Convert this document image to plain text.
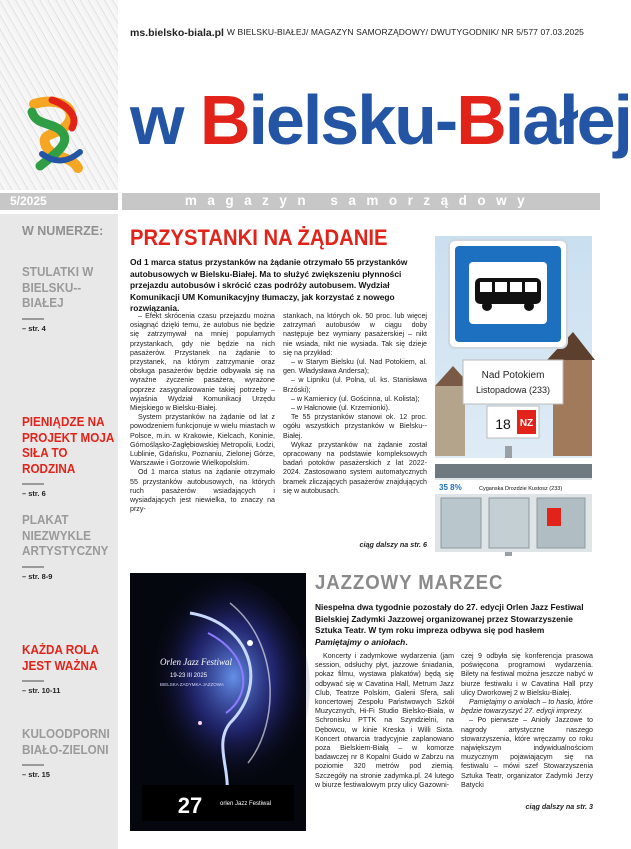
ms.bielsko-biala.pl W BIELSKU-BIAŁEJ/ MAGAZYN SAMORZĄDOWY/ DWUTYGODNIK/ NR 5/577 07.03.2025
w Bielsku-Białej
5/2025	magazyn samorządowy
W NUMERZE:
STULATKI W BIELSKU--BIAŁEJ
– str. 4
PIENIĄDZE NA PROJEKT MOJA SIŁA TO RODZINA
– str. 6
PLAKAT NIEZWYKLE ARTYSTYCZNY
– str. 8-9
KAŻDA ROLA JEST WAŻNA
– str. 10-11
KULOODPORNI BIAŁO-ZIELONI
– str. 15
PRZYSTANKI NA ŻĄDANIE
Od 1 marca status przystanków na żądanie otrzymało 55 przystanków autobusowych w Bielsku-Białej. Ma to służyć zwiększeniu płynności przejazdu autobusów i skrócić czas podróży autobusem. Wydział Komunikacji UM Komunikacyjny tłumaczy, jak korzystać z nowego rozwiązania.

– Efekt skrócenia czasu przejazdu można osiągnąć dzięki temu, że autobus nie będzie się zatrzymywał na mniej popularnych przystankach, gdy nie będzie na nich pasażerów. Przystanek na żądanie to przystanek, na którym zatrzymanie oraz obsługa pasażerów będzie odbywała się na wyraźne życzenie pasażera, wyrażone poprzez zasygnalizowanie takiej potrzeby – wyjaśnia Wydział Komunikacji Urzędu Miejskiego w Bielsku-Białej.

System przystanków na żądanie od lat z powodzeniem funkcjonuje w wielu miastach w Polsce, m.in. w Krakowie, Kielcach, Koninie, Górnośląsko-Zagłębiowskiej Metropolii, Łodzi, Lublinie, Gdańsku, Poznaniu, Zielonej Górze, Warszawie i Gorzowie Wielkopolskim.

Od 1 marca status na żądanie otrzymało 55 przystanków autobusowych, na których ruch pasażerów wsiadających i wysiadających jest niewielka, to znaczy na przy-

stankach, na których ok. 50 proc. lub więcej zatrzymań autobusów w ciągu doby następuje bez wymiany pasażerskiej – nikt nie wsiada, nikt nie wysiada. Tak się dzieje się na przykład:

– w Starym Bielsku (ul. Nad Potokiem, al. gen. Władysława Andersa);

– w Lipniku (ul. Polna, ul. ks. Stanisława Brzóski);

– w Kamienicy (ul. Gościnna, ul. Kolista);

– w Hałcnowie (ul. Krzemionki).

Te 55 przystanków stanowi ok. 12 proc. ogółu wszystkich przystanków w Bielsku--Białej.

Wykaz przystanków na żądanie został opracowany na podstawie kompleksowych badań potoków pasażerskich z lat 2022-2024. Zastosowano system automatycznych bramek zliczających pasażerów znajdujących się w autobusach.

ciąg dalszy na str. 6
Nad Potokiem
Listopadowa (233)
18 NZ
35 8%	Cyganska Drozdzie Kustosz (233)
Orlen Jazz Festiwal
19-23 III 2025
BIELSKA ZADYMKA JAZZOWA
27	orlen Jazz Festiwal
JAZZOWY MARZEC
Niespełna dwa tygodnie pozostały do 27. edycji Orlen Jazz Festiwal Bielskiej Zadymki Jazzowej organizowanej przez Stowarzyszenie Sztuka Teatr. W tym roku impreza odbywa się pod hasłem Pamiętajmy o aniołach.

Koncerty i zadymkowe wydarzenia (jam session, odsłuchy płyt, jazzowe śniadania, pokaz filmu, wystawa plakatów) będą się odbywać się w Cavatina Hall, Metrum Jazz Club, Teatrze Polskim, Galerii Sfera, sali koncertowej Zespołu Państwowych Szkół Muzycznych, Hi-Fi Studio Bielsko-Biała, w Schronisku PTTK na Szyndzielni, na Dębowcu, w kinie Kreska i Willi Sixta. Koncert otwarcia tradycyjnie zaplanowano poza Bielskiem-Białą – w komorze badawczej nr 8 Kopalni Guido w Zabrzu na poziomie 320 metrów pod ziemią. Szczegóły na stronie zadymka.pl. 24 lutego w biurze festiwalowym przy ulicy Gazowni-

czej 9 odbyła się konferencja prasowa poświęcona programowi wydarzenia. Bilety na festiwal można jeszcze nabyć w biurze festiwalu i w Cavatina Hall przy ulicy Dworkowej 2 w Bielsku-Białej.

Pamiętajmy o aniołach – to hasło, które będzie towarzyszyć 27. edycji imprezy.

– Po pierwsze – Anioły Jazzowe to nagrody artystyczne naszego stowarzyszenia, które wręczamy co roku największym indywidualnościom muzycznym pojawiającym się na festiwalu – mówi szef Stowarzyszenia Sztuka Teatr, organizator Zadymki Jerzy Batycki

ciąg dalszy na str. 3
